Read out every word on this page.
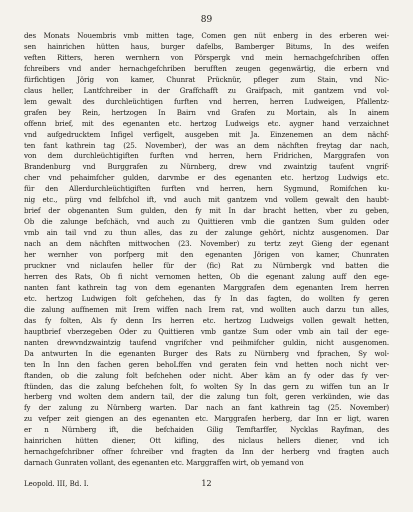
89
des Monats Nouembris vmb mitten tage, Comen gen nüt enberg in des erberen wei-
sen hainrichen hütten haus, burger dafelbs, Bamberger Bitums, In des weifen
veften Ritters, heren wernhern von Pörspergk vnd mein hernachgefchriben offen
fchreibers vnd ander hernachgefchriben berufften zeugen gegenwärtig, die erbern vnd
fürfichtigen Jörig von kamer, Chunrat Prücknür, pfleger zum Stain, vnd Nic-
claus heller, Lantfchreiber in der Graffchafft zu Graifpach, mit gantzem vnd vol-
lem gewalt des durchleüchtigen furften vnd herren, herren Ludweigen, Pfallentz-
grafen bey Rein, hertzogen In Bairn vnd Grafen zu Mortain, als In ainem
offenn brief, mit des egenanten etc. hertzog Ludweigs etc. aygner hand verzaichnet
vnd aufgedrucktem Infigel verfigelt, ausgeben mit Ja. Einzenemen an dem nächf-
ten fant kathrein tag (25. November), der was an dem nächften freytag dar nach,
von dem durchleüchtigiften furften vnd herren, hern Fridrichen, Marggrafen von
Brandenburg vnd Burggrafen zu Nürnberg, drew vnd zwaintzig taufent vngrif-
cher vnd pehaimfcher gulden, darvmbe er des egenanten etc. hertzog Ludwigs etc.
für den Allerdurchleüchtigiften furften vnd herren, hern Sygmund, Romifchen ku-
nig etc., pürg vnd felbfchol ift, vnd auch mit gantzem vnd vollem gewalt den haubt-
brief der obgenanten Sum gulden, den fy mit In dar bracht hetten, vber zu geben,
Ob die zalunge befchäch, vnd auch zu Quittieren vmb die gantzen Sum gulden oder
vmb ain tail vnd zu thun alles, das zu der zalunge gehört, nichtz ausgenomen. Dar
nach an dem nächften mittwochen (23. November) zu tertz zeyt Gieng der egenant
her wernher von porfperg mit den egenanten Jörigen von kamer, Chunraten
pruckner vnd niclaufen heller für der (fic) Rat zu Nürnbergk vnd batten die
herren des Rats, Ob fi nicht vernomen hetten, Ob die egenant zalung auff den ege-
nanten fant kathrein tag von dem egenanten Marggrafen dem egenanten Irem herren
etc. hertzog Ludwigen folt gefchehen, das fy In das fagten, do wollten fy geren
die zalung auffnemen mit Irem wiffen nach Irem rat, vnd wollten auch darzu tun alles,
das fy folten, Als fy denn Irs herren etc. hertzog Ludweigs vollen gewalt hetten,
hauptbrief vberzegeben Oder zu Quittieren vmb gantze Sum oder vmb ain tail der ege-
nanten drewvndzwaintzig taufend vngrifcher vnd peihmifcher guldin, nicht ausgenomen.
Da antwurten In die egenanten Burger des Rats zu Nürnberg vnd fprachen, Sy wol-
ten In Inn den fachen geren behoLffen vnd geraten fein vnd hetten noch nicht ver-
ftanden, ob die zalung folt befchehen oder nicht. Aber käm an fy oder das fy ver-
ftünden, das die zalung befchehen folt, fo wolten Sy In das gern zu wiffen tun an Ir
herberg vnd wolten dem andern tail, der die zalung tun folt, geren verkünden, wie das
fy der zalung zu Nürnberg warten. Dar nach an fant kathrein tag (25. November)
zu vefper zeit giengen an des egenanten etc. Marggrafen herberg, dar Inn er ligt, waren
er n Nürnberg ift, die befchaiden Gilig Temftarffer, Nycklas Rayfman, des
hainrichen hütten diener, Ott kifling, des niclaus hellers diener, vnd ich
hernachgefchribner offner fchreiber vnd fragten da Inn der herberg vnd fragten auch
darnach Gunraten vollant, des egenanten etc. Marggraffen wirt, ob yemand von
Leopold. III, Bd. I.	12
